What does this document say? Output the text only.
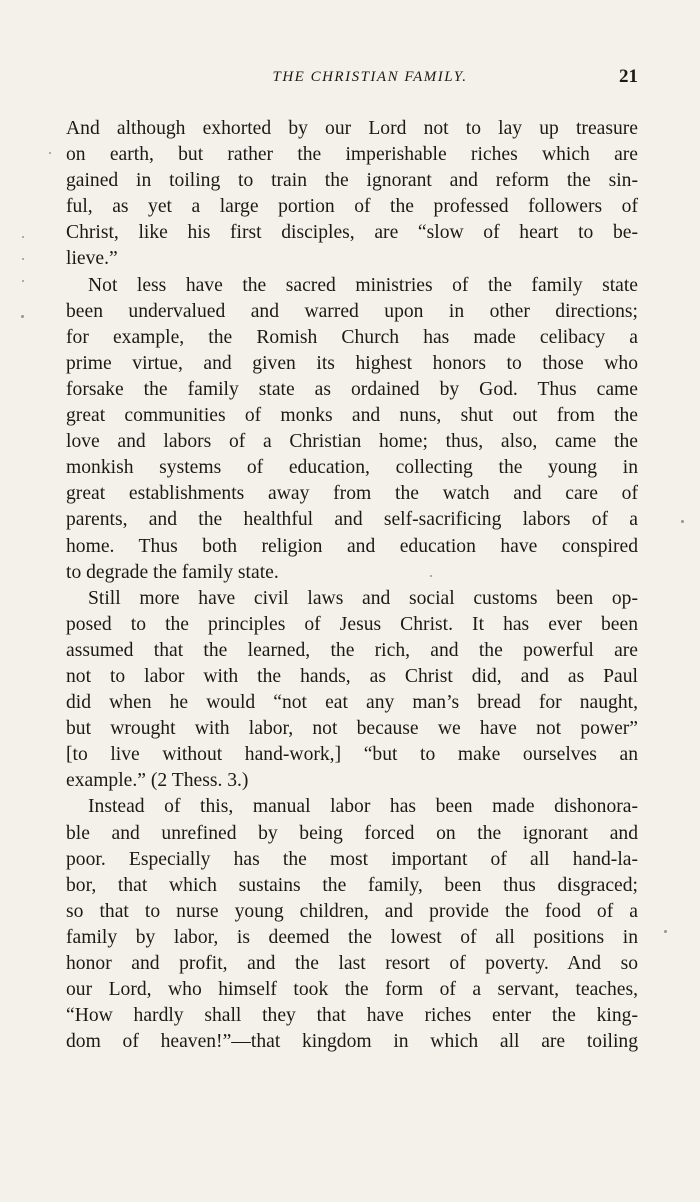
THE CHRISTIAN FAMILY.	21
And although exhorted by our Lord not to lay up treasure
on earth, but rather the imperishable riches which are
gained in toiling to train the ignorant and reform the sin-
ful, as yet a large portion of the professed followers of
Christ, like his first disciples, are “slow of heart to be-
lieve.”
Not less have the sacred ministries of the family state
been undervalued and warred upon in other directions;
for example, the Romish Church has made celibacy a
prime virtue, and given its highest honors to those who
forsake the family state as ordained by God. Thus came
great communities of monks and nuns, shut out from the
love and labors of a Christian home; thus, also, came the
monkish systems of education, collecting the young in
great establishments away from the watch and care of
parents, and the healthful and self-sacrificing labors of a
home. Thus both religion and education have conspired
to degrade the family state.
Still more have civil laws and social customs been op-
posed to the principles of Jesus Christ. It has ever been
assumed that the learned, the rich, and the powerful are
not to labor with the hands, as Christ did, and as Paul
did when he would “not eat any man’s bread for naught,
but wrought with labor, not because we have not power”
[to live without hand-work,] “but to make ourselves an
example.” (2 Thess. 3.)
Instead of this, manual labor has been made dishonora-
ble and unrefined by being forced on the ignorant and
poor. Especially has the most important of all hand-la-
bor, that which sustains the family, been thus disgraced;
so that to nurse young children, and provide the food of a
family by labor, is deemed the lowest of all positions in
honor and profit, and the last resort of poverty. And so
our Lord, who himself took the form of a servant, teaches,
“How hardly shall they that have riches enter the king-
dom of heaven!”—that kingdom in which all are toiling
